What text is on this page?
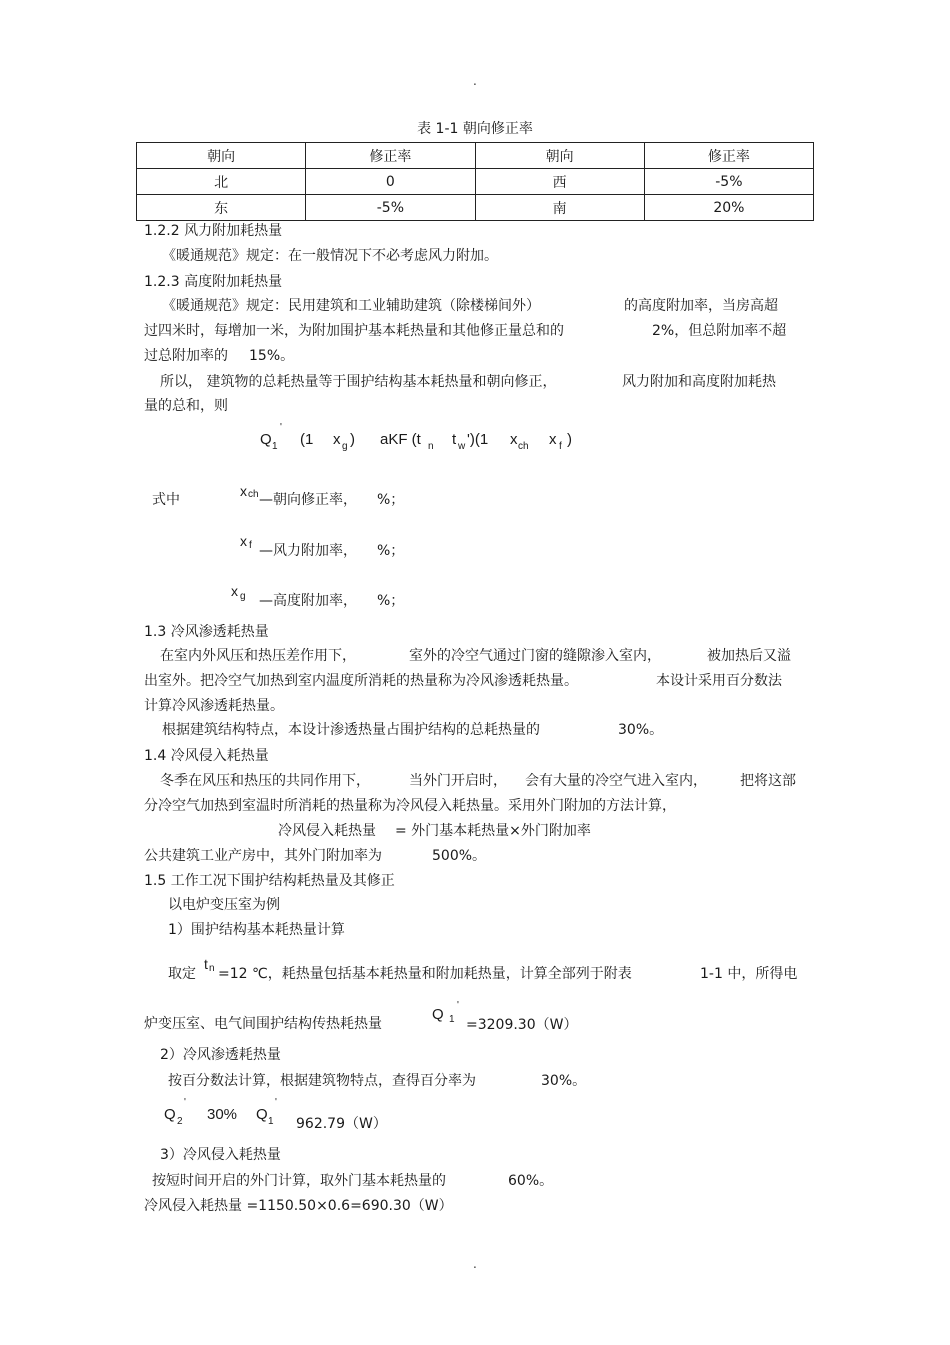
.
表 1-1 朝向修正率
朝向	修正率	朝向	修正率
北	0	西	-5%
东	-5%	南	20%
1.2.2 风力附加耗热量
《暖通规范》规定：在一般情况下不必考虑风力附加。
1.2.3 高度附加耗热量
《暖通规范》规定：民用建筑和工业辅助建筑（除楼梯间外）	的高度附加率，当房高超
过四米时，每增加一米，为附加围护基本耗热量和其他修正量总和的	2%，但总附加率不超
过总附加率的 15%。
所以， 建筑物的总耗热量等于围护结构基本耗热量和朝向修正，	风力附加和高度附加耗热
量的总和，则
Q 1
'
(1 x g ) aKF (t n t w ')(1 x ch x f )
式中
x ch —朝向修正率， %；
x f —风力附加率， %；
x g —高度附加率， %；
1.3 冷风渗透耗热量
在室内外风压和热压差作用下，	室外的冷空气通过门窗的缝隙渗入室内，	被加热后又溢
出室外。把冷空气加热到室内温度所消耗的热量称为冷风渗透耗热量。	本设计采用百分数法
计算冷风渗透耗热量。
根据建筑结构特点，本设计渗透热量占围护结构的总耗热量的	30%。
1.4 冷风侵入耗热量
冬季在风压和热压的共同作用下，	当外门开启时， 会有大量的冷空气进入室内， 把将这部
分冷空气加热到室温时所消耗的热量称为冷风侵入耗热量。采用外门附加的方法计算，
冷风侵入耗热量 = 外门基本耗热量×外门附加率
公共建筑工业产房中，其外门附加率为	500%。
1.5 工作工况下围护结构耗热量及其修正
以电炉变压室为例
1）围护结构基本耗热量计算
取定
t n =12 ℃，耗热量包括基本耗热量和附加耗热量，计算全部列于附表	1-1 中，所得电
炉变压室、电气间围护结构传热耗热量
Q 1
'
=3209.30（W）
2）冷风渗透耗热量
按百分数法计算，根据建筑物特点，查得百分率为	30%。
Q 2
'
30% Q 1
'
962.79（W）
3）冷风侵入耗热量
按短时间开启的外门计算，取外门基本耗热量的	60%。
冷风侵入耗热量 =1150.50×0.6=690.30（W）
.
